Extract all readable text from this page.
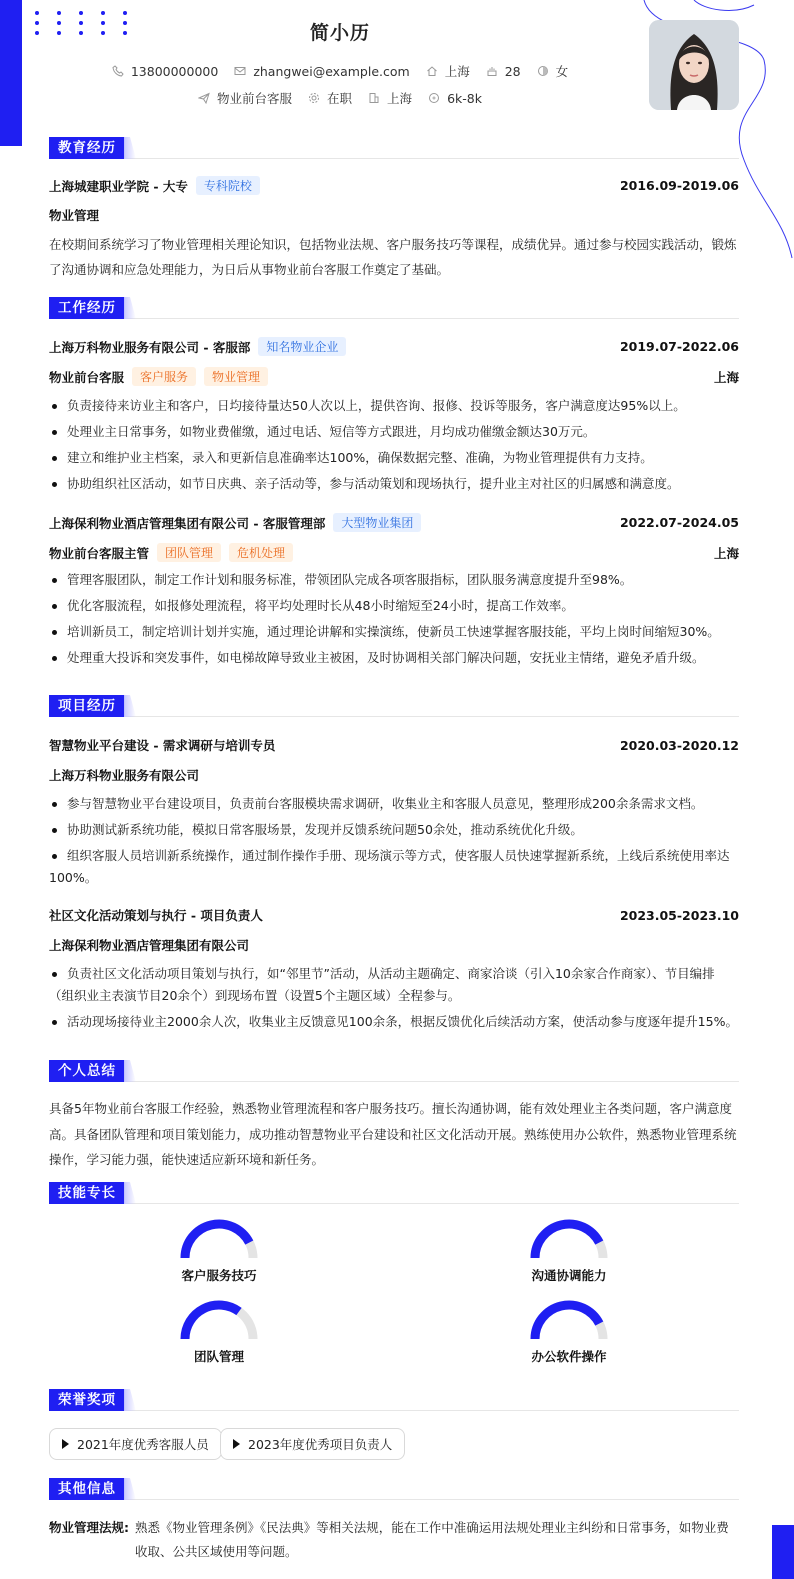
简小历
13800000000	zhangwei@example.com	上海	28	女
物业前台客服	在职	上海	6k-8k
教育经历
上海城建职业学院 - 大专	专科院校	2016.09-2019.06
物业管理
在校期间系统学习了物业管理相关理论知识，包括物业法规、客户服务技巧等课程，成绩优异。通过参与校园实践活动，锻炼了沟通协调和应急处理能力，为日后从事物业前台客服工作奠定了基础。
工作经历
上海万科物业服务有限公司 - 客服部	知名物业企业	2019.07-2022.06
物业前台客服	客户服务	物业管理	上海
负责接待来访业主和客户，日均接待量达50人次以上，提供咨询、报修、投诉等服务，客户满意度达95%以上。
处理业主日常事务，如物业费催缴，通过电话、短信等方式跟进，月均成功催缴金额达30万元。
建立和维护业主档案，录入和更新信息准确率达100%，确保数据完整、准确，为物业管理提供有力支持。
协助组织社区活动，如节日庆典、亲子活动等，参与活动策划和现场执行，提升业主对社区的归属感和满意度。
上海保利物业酒店管理集团有限公司 - 客服管理部	大型物业集团	2022.07-2024.05
物业前台客服主管	团队管理	危机处理	上海
管理客服团队，制定工作计划和服务标准，带领团队完成各项客服指标，团队服务满意度提升至98%。
优化客服流程，如报修处理流程，将平均处理时长从48小时缩短至24小时，提高工作效率。
培训新员工，制定培训计划并实施，通过理论讲解和实操演练，使新员工快速掌握客服技能，平均上岗时间缩短30%。
处理重大投诉和突发事件，如电梯故障导致业主被困，及时协调相关部门解决问题，安抚业主情绪，避免矛盾升级。
项目经历
智慧物业平台建设 - 需求调研与培训专员	2020.03-2020.12
上海万科物业服务有限公司
参与智慧物业平台建设项目，负责前台客服模块需求调研，收集业主和客服人员意见，整理形成200余条需求文档。
协助测试新系统功能，模拟日常客服场景，发现并反馈系统问题50余处，推动系统优化升级。
组织客服人员培训新系统操作，通过制作操作手册、现场演示等方式，使客服人员快速掌握新系统，上线后系统使用率达100%。
社区文化活动策划与执行 - 项目负责人	2023.05-2023.10
上海保利物业酒店管理集团有限公司
负责社区文化活动项目策划与执行，如“邻里节”活动，从活动主题确定、商家洽谈（引入10余家合作商家）、节目编排（组织业主表演节目20余个）到现场布置（设置5个主题区域）全程参与。
活动现场接待业主2000余人次，收集业主反馈意见100余条，根据反馈优化后续活动方案，使活动参与度逐年提升15%。
个人总结
具备5年物业前台客服工作经验，熟悉物业管理流程和客户服务技巧。擅长沟通协调，能有效处理业主各类问题，客户满意度高。具备团队管理和项目策划能力，成功推动智慧物业平台建设和社区文化活动开展。熟练使用办公软件，熟悉物业管理系统操作，学习能力强，能快速适应新环境和新任务。
技能专长
客户服务技巧	沟通协调能力
团队管理	办公软件操作
荣誉奖项
2021年度优秀客服人员	2023年度优秀项目负责人
其他信息
物业管理法规: 熟悉《物业管理条例》《民法典》等相关法规，能在工作中准确运用法规处理业主纠纷和日常事务，如物业费收取、公共区域使用等问题。
